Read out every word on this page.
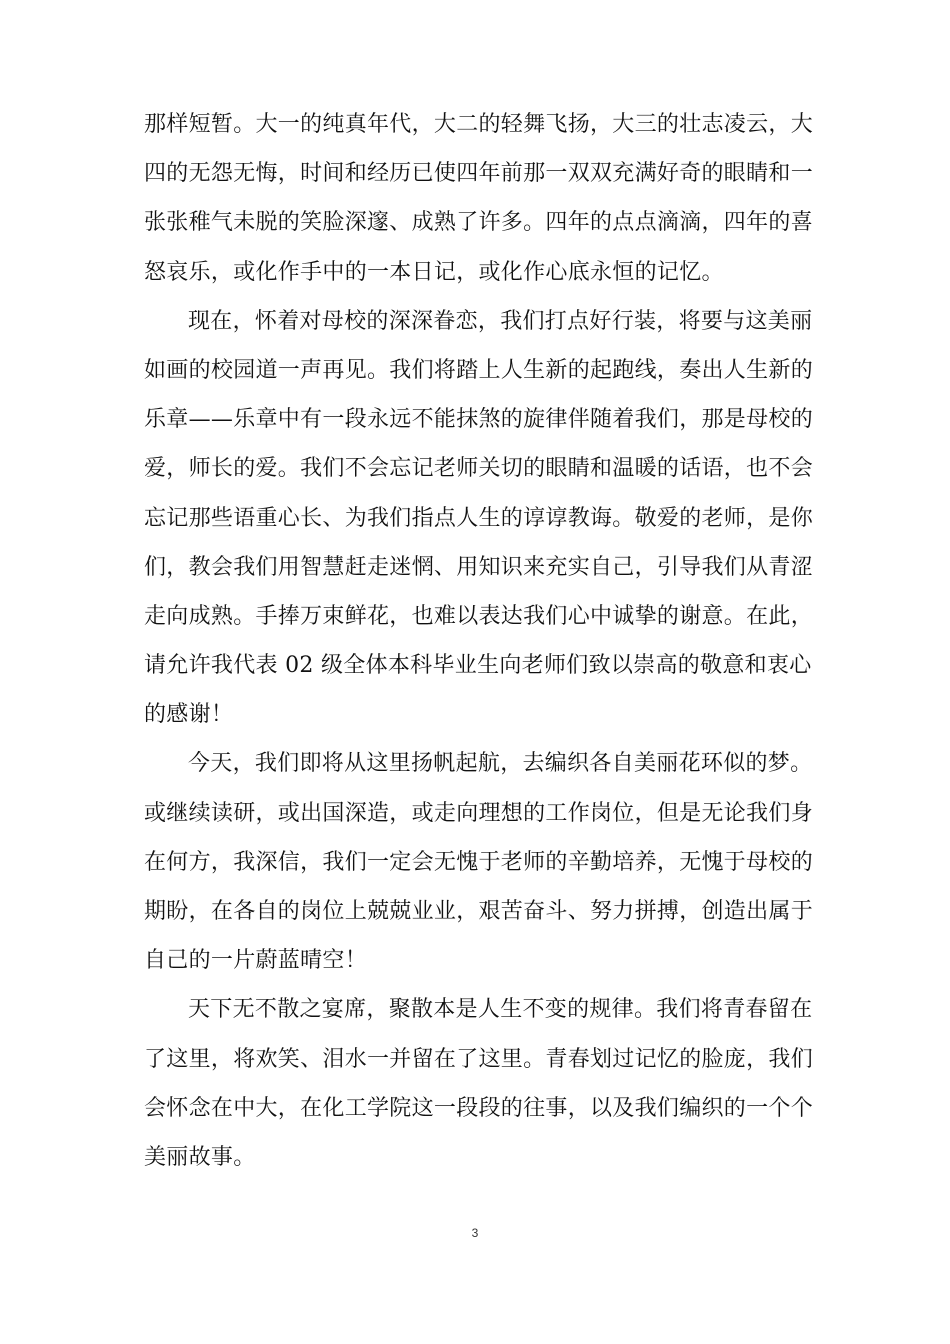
那样短暂。大一的纯真年代，大二的轻舞飞扬，大三的壮志凌云，大
四的无怨无悔，时间和经历已使四年前那一双双充满好奇的眼睛和一
张张稚气未脱的笑脸深邃、成熟了许多。四年的点点滴滴，四年的喜
怒哀乐，或化作手中的一本日记，或化作心底永恒的记忆。
现在，怀着对母校的深深眷恋，我们打点好行装，将要与这美丽
如画的校园道一声再见。我们将踏上人生新的起跑线，奏出人生新的
乐章——乐章中有一段永远不能抹煞的旋律伴随着我们，那是母校的
爱，师长的爱。我们不会忘记老师关切的眼睛和温暖的话语，也不会
忘记那些语重心长、为我们指点人生的谆谆教诲。敬爱的老师，是你
们，教会我们用智慧赶走迷惘、用知识来充实自己，引导我们从青涩
走向成熟。手捧万束鲜花，也难以表达我们心中诚挚的谢意。在此，
请允许我代表 02 级全体本科毕业生向老师们致以崇高的敬意和衷心
的感谢！
今天，我们即将从这里扬帆起航，去编织各自美丽花环似的梦。
或继续读研，或出国深造，或走向理想的工作岗位，但是无论我们身
在何方，我深信，我们一定会无愧于老师的辛勤培养，无愧于母校的
期盼，在各自的岗位上兢兢业业，艰苦奋斗、努力拼搏，创造出属于
自己的一片蔚蓝晴空！
天下无不散之宴席，聚散本是人生不变的规律。我们将青春留在
了这里，将欢笑、泪水一并留在了这里。青春划过记忆的脸庞，我们
会怀念在中大，在化工学院这一段段的往事，以及我们编织的一个个
美丽故事。
3
